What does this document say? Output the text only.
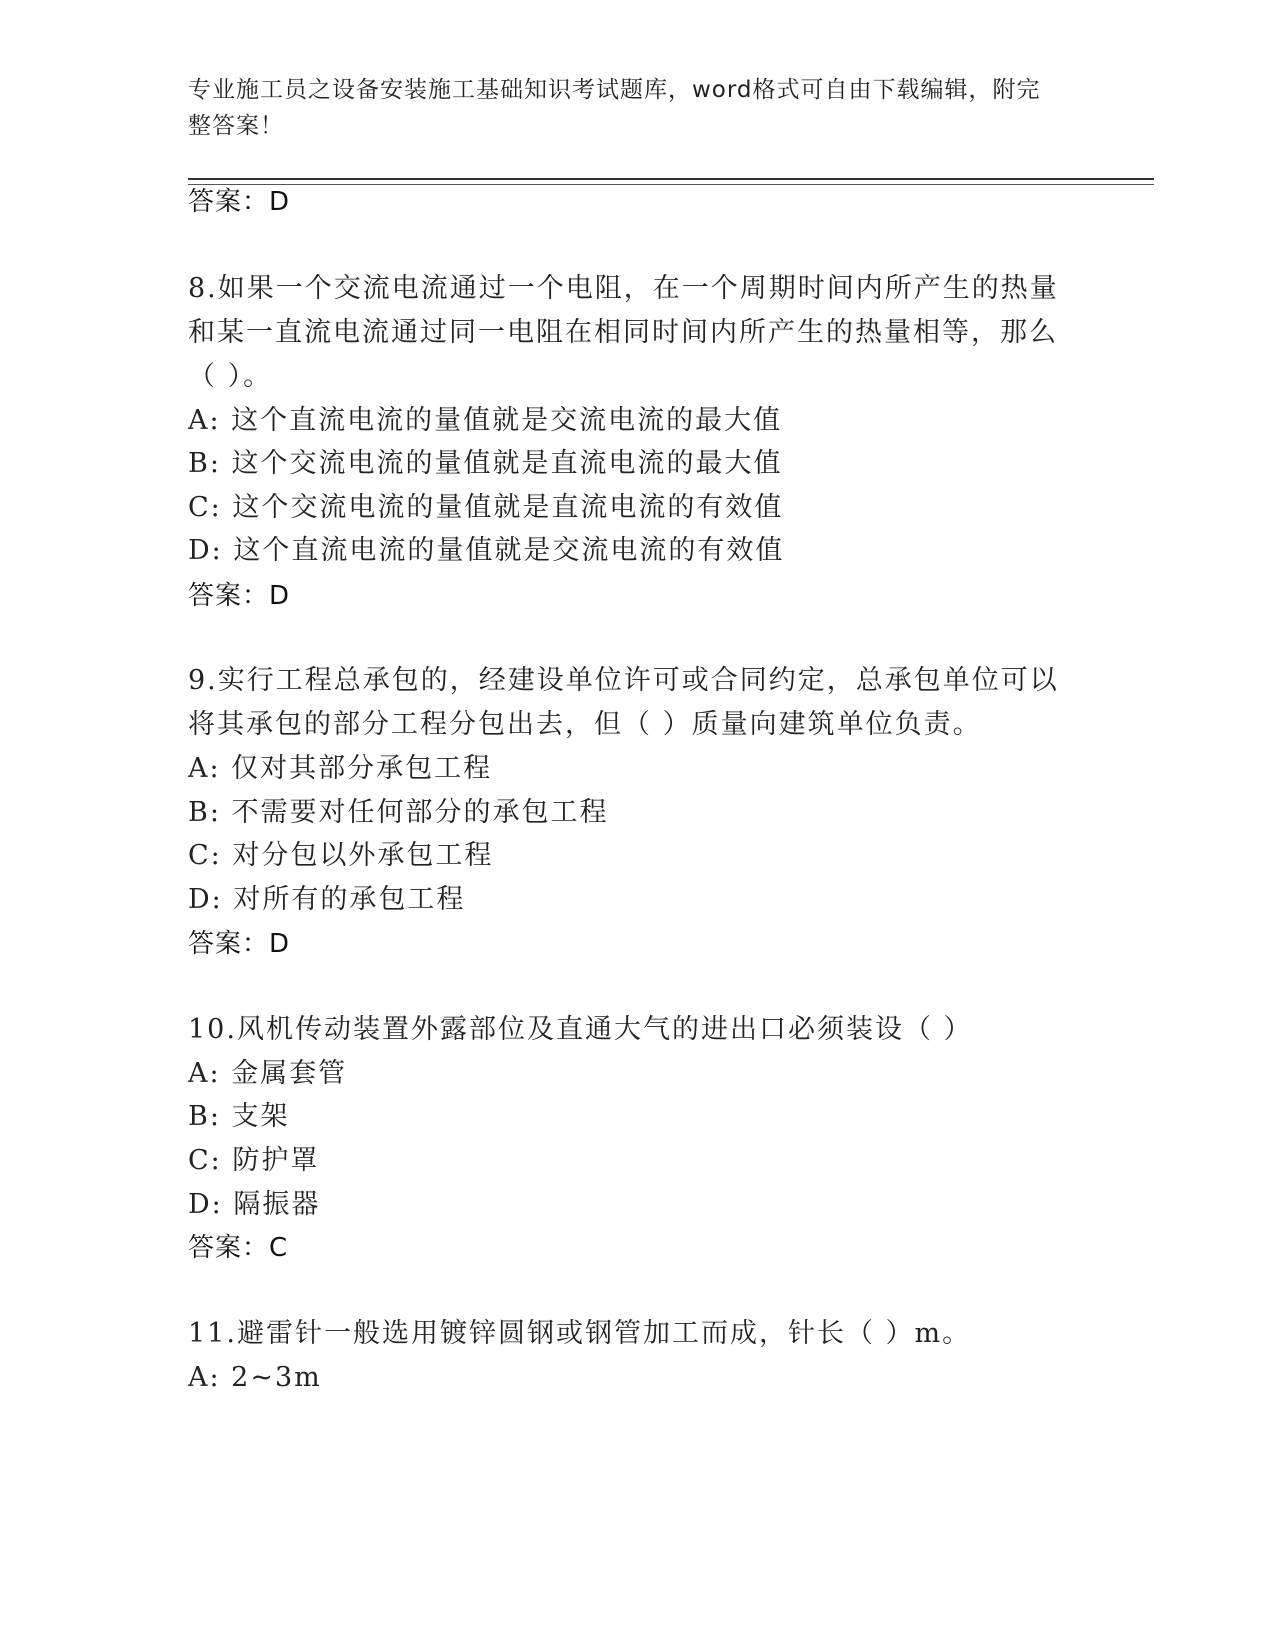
专业施工员之设备安装施工基础知识考试题库，word格式可自由下载编辑，附完
整答案！
答案：D
8.如果一个交流电流通过一个电阻，在一个周期时间内所产生的热量
和某一直流电流通过同一电阻在相同时间内所产生的热量相等，那么
（ ）。
A: 这个直流电流的量值就是交流电流的最大值
B: 这个交流电流的量值就是直流电流的最大值
C: 这个交流电流的量值就是直流电流的有效值
D: 这个直流电流的量值就是交流电流的有效值
答案：D
9.实行工程总承包的，经建设单位许可或合同约定，总承包单位可以
将其承包的部分工程分包出去，但（ ）质量向建筑单位负责。
A: 仅对其部分承包工程
B: 不需要对任何部分的承包工程
C: 对分包以外承包工程
D: 对所有的承包工程
答案：D
10.风机传动装置外露部位及直通大气的进出口必须装设（ ）
A: 金属套管
B: 支架
C: 防护罩
D: 隔振器
答案：C
11.避雷针一般选用镀锌圆钢或钢管加工而成，针长（ ）m。
A: 2~3m
